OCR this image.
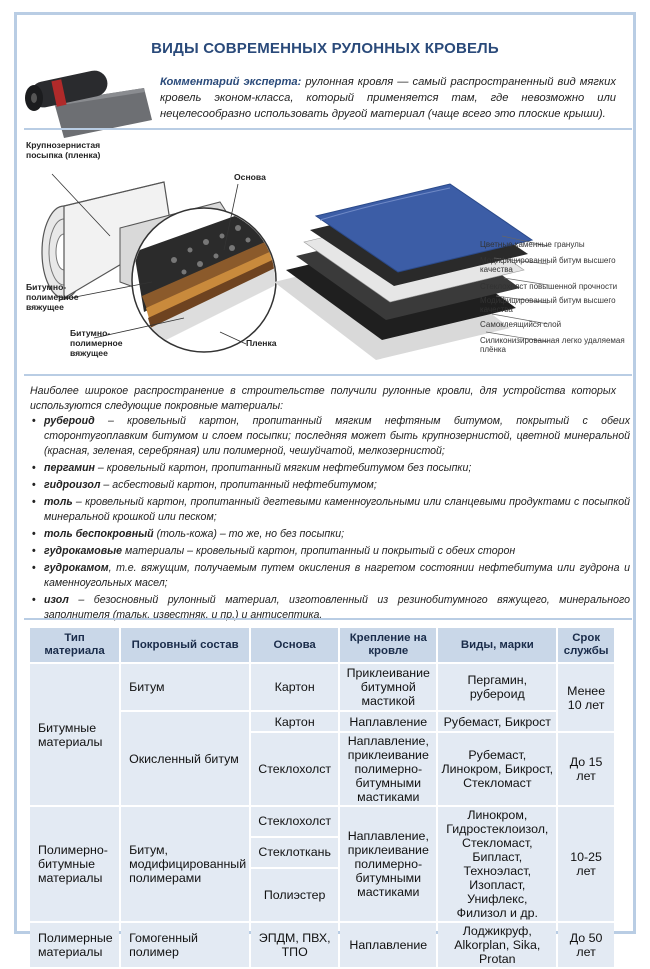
ВИДЫ СОВРЕМЕННЫХ РУЛОННЫХ КРОВЕЛЬ
Комментарий эксперта: рулонная кровля — самый распространенный вид мягких кровель эконом-класса, который применяется там, где невозможно или нецелесообразно использовать другой материал (чаще всего это плоские крыши).
Крупнозернистая посыпка (пленка)
Основа
Битумно-полимерное вяжущее
Битумно-полимерное вяжущее
Пленка
Цветные каменные гранулы
Модифицированный битум высшего качества
Стеклохолст повышенной прочности
Модифицированный битум высшего качества
Самоклеящийся слой
Силиконизированная легко удаляемая плёнка
Наиболее широкое распространение в строительстве получили рулонные кровли, для устройства которых используются следующие покровные материалы:
• рубероид – кровельный картон, пропитанный мягким нефтяным битумом, покрытый с обеих сторонтугоплавким битумом и слоем посыпки; последняя может быть крупнозернистой, цветной минеральной (красная, зеленая, серебряная) или полимерной, чешуйчатой, мелкозернистой;
• пергамин – кровельный картон, пропитанный мягким нефтебитумом без посыпки;
• гидроизол – асбестовый картон, пропитанный нефтебитумом;
• толь – кровельный картон, пропитанный дегтевыми каменноугольными или сланцевыми продуктами с посыпкой минеральной крошкой или песком;
• толь беспокровный (толь-кожа) – то же, но без посыпки;
• гудрокамовые материалы – кровельный картон, пропитанный и покрытый с обеих сторон
• гудрокамом, т.е. вяжущим, получаемым путем окисления в нагретом состоянии нефтебитума или гудрона и каменноугольных масел;
• изол – безосновный рулонный материал, изготовленный из резинобитумного вяжущего, минерального заполнителя (тальк, известняк, и пр.) и антисептика.
Тип материала	Покровный состав	Основа	Крепление на кровле	Виды, марки	Срок службы
Битумные материалы	Битум	Картон	Приклеивание битумной мастикой	Пергамин, рубероид	Менее 10 лет
	Окисленный битум	Картон	Наплавление	Рубемаст, Бикрост	
		Стеклохолст	Наплавление, приклеивание полимерно-битумными мастиками	Рубемаст, Линокром, Бикрост, Стекломаст	До 15 лет
Полимерно-битумные материалы	Битум, модифицированный полимерами	Стеклохолст	Наплавление, приклеивание полимерно-битумными мастиками	Линокром, Гидростеклоизол, Стекломаст, Бипласт, Техноэласт, Изопласт, Унифлекс, Филизол и др.	10-25 лет
		Стеклоткань			
		Полиэстер			
Полимерные материалы	Гомогенный полимер	ЭПДМ, ПВХ, ТПО	Наплавление	Лоджикруф, Alkorplan, Sika, Protan	До 50 лет
